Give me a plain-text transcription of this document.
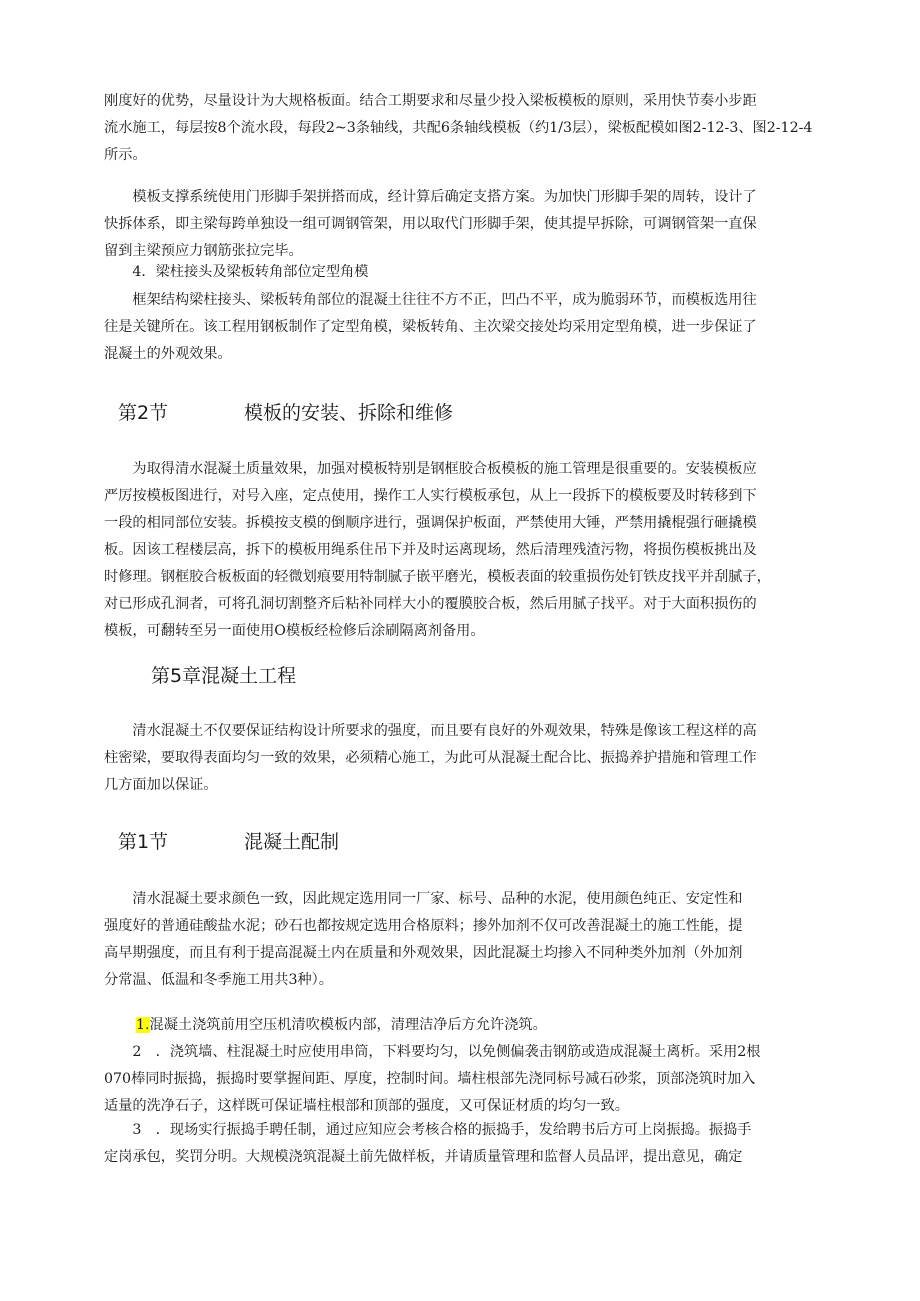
刚度好的优势，尽量设计为大规格板面。结合工期要求和尽量少投入梁板模板的原则，采用快节奏小步距
流水施工，每层按8个流水段，每段2~3条轴线，共配6条轴线模板（约1/3层），梁板配模如图2-12-3、图2-12-4
所示。
　　模板支撑系统使用门形脚手架拼搭而成，经计算后确定支搭方案。为加快门形脚手架的周转，设计了
快拆体系，即主梁每跨单独设一组可调钢管架，用以取代门形脚手架，使其提早拆除，可调钢管架一直保
留到主梁预应力钢筋张拉完毕。
　　4．梁柱接头及梁板转角部位定型角模
　　框架结构梁柱接头、梁板转角部位的混凝土往往不方不正，凹凸不平，成为脆弱环节，而模板选用往
往是关键所在。该工程用钢板制作了定型角模，梁板转角、主次梁交接处均采用定型角模，进一步保证了
混凝土的外观效果。
第2节	模板的安装、拆除和维修
　　为取得清水混凝土质量效果，加强对模板特别是钢框胶合板模板的施工管理是很重要的。安装模板应
严厉按模板图进行，对号入座，定点使用，操作工人实行模板承包，从上一段拆下的模板要及时转移到下
一段的相同部位安装。拆模按支模的倒顺序进行，强调保护板面，严禁使用大锤，严禁用撬棍强行砸撬模
板。因该工程楼层高，拆下的模板用绳系住吊下并及时运离现场，然后清理残渣污物，将损伤模板挑出及
时修理。钢框胶合板板面的轻微划痕要用特制腻子嵌平磨光，模板表面的较重损伤处钉铁皮找平并刮腻子，
对已形成孔洞者，可将孔洞切割整齐后粘补同样大小的覆膜胶合板，然后用腻子找平。对于大面积损伤的
模板，可翻转至另一面使用O模板经检修后涂刷隔离剂备用。
第5章混凝土工程
　　清水混凝土不仅要保证结构设计所要求的强度，而且要有良好的外观效果，特殊是像该工程这样的高
柱密梁，要取得表面均匀一致的效果，必须精心施工，为此可从混凝土配合比、振捣养护措施和管理工作
几方面加以保证。
第1节	混凝土配制
　　清水混凝土要求颜色一致，因此规定选用同一厂家、标号、品种的水泥，使用颜色纯正、安定性和
强度好的普通硅酸盐水泥；砂石也都按规定选用合格原料；掺外加剂不仅可改善混凝土的施工性能，提
高早期强度，而且有利于提高混凝土内在质量和外观效果，因此混凝土均掺入不同种类外加剂（外加剂
分常温、低温和冬季施工用共3种）。
1.混凝土浇筑前用空压机清吹模板内部，清理洁净后方允许浇筑。
　　2　．浇筑墙、柱混凝土时应使用串筒，下料要均匀，以免侧偏袭击钢筋或造成混凝土离析。采用2根
070棒同时振捣，振捣时要掌握间距、厚度，控制时间。墙柱根部先浇同标号减石砂浆，顶部浇筑时加入
适量的洗净石子，这样既可保证墙柱根部和顶部的强度，又可保证材质的均匀一致。
　　3　．现场实行振捣手聘任制，通过应知应会考核合格的振捣手，发给聘书后方可上岗振捣。振捣手
定岗承包，奖罚分明。大规模浇筑混凝土前先做样板，并请质量管理和监督人员品评，提出意见，确定
